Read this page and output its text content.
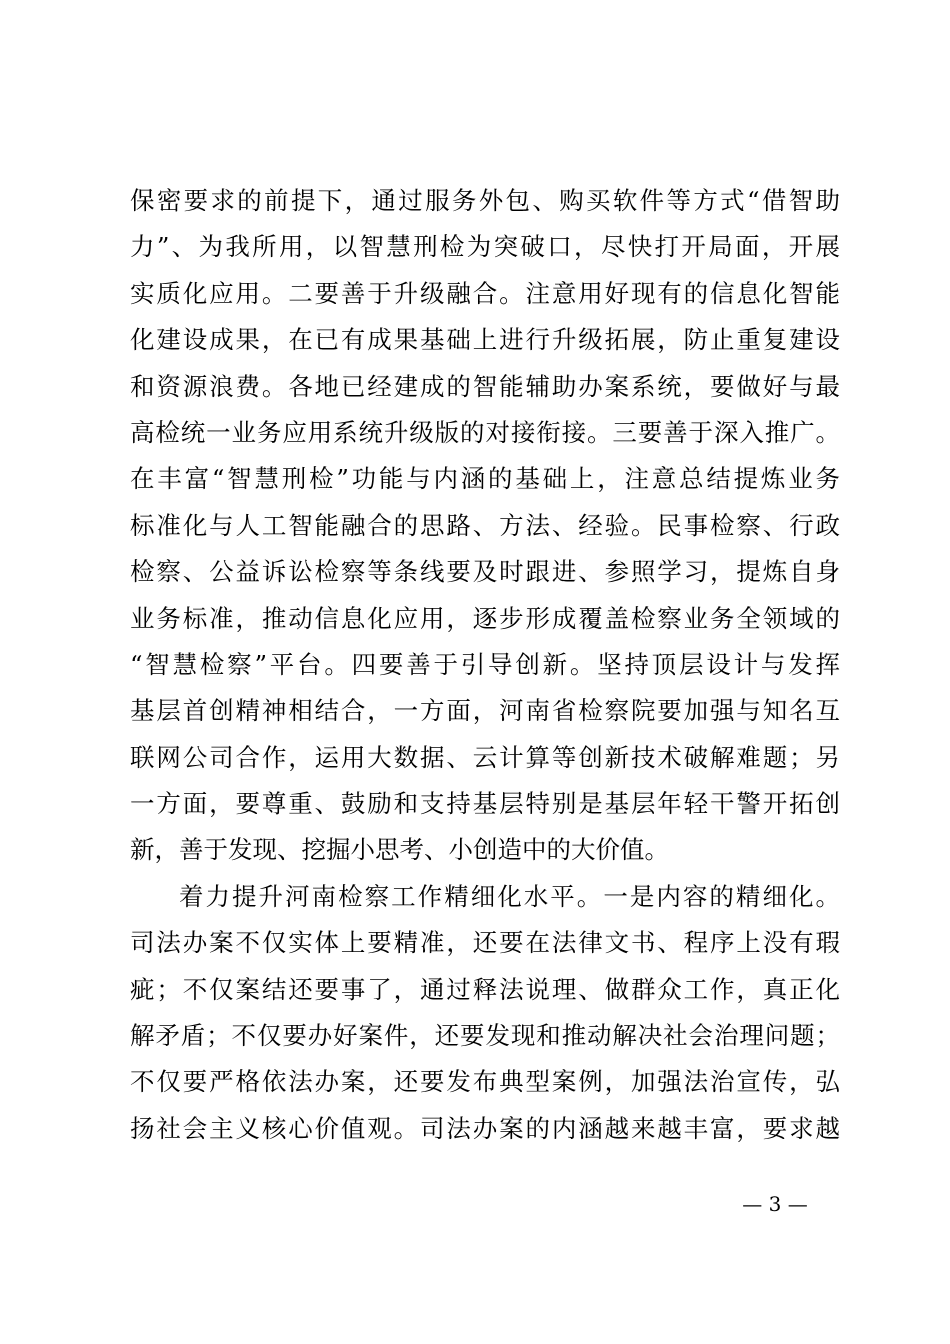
保密要求的前提下，通过服务外包、购买软件等方式“借智助
力”、为我所用，以智慧刑检为突破口，尽快打开局面，开展
实质化应用。二要善于升级融合。注意用好现有的信息化智能
化建设成果，在已有成果基础上进行升级拓展，防止重复建设
和资源浪费。各地已经建成的智能辅助办案系统，要做好与最
高检统一业务应用系统升级版的对接衔接。三要善于深入推广。
在丰富“智慧刑检”功能与内涵的基础上，注意总结提炼业务
标准化与人工智能融合的思路、方法、经验。民事检察、行政
检察、公益诉讼检察等条线要及时跟进、参照学习，提炼自身
业务标准，推动信息化应用，逐步形成覆盖检察业务全领域的
“智慧检察”平台。四要善于引导创新。坚持顶层设计与发挥
基层首创精神相结合，一方面，河南省检察院要加强与知名互
联网公司合作，运用大数据、云计算等创新技术破解难题；另
一方面，要尊重、鼓励和支持基层特别是基层年轻干警开拓创
新，善于发现、挖掘小思考、小创造中的大价值。
着力提升河南检察工作精细化水平。一是内容的精细化。
司法办案不仅实体上要精准，还要在法律文书、程序上没有瑕
疵；不仅案结还要事了，通过释法说理、做群众工作，真正化
解矛盾；不仅要办好案件，还要发现和推动解决社会治理问题；
不仅要严格依法办案，还要发布典型案例，加强法治宣传，弘
扬社会主义核心价值观。司法办案的内涵越来越丰富，要求越
— 3 —
